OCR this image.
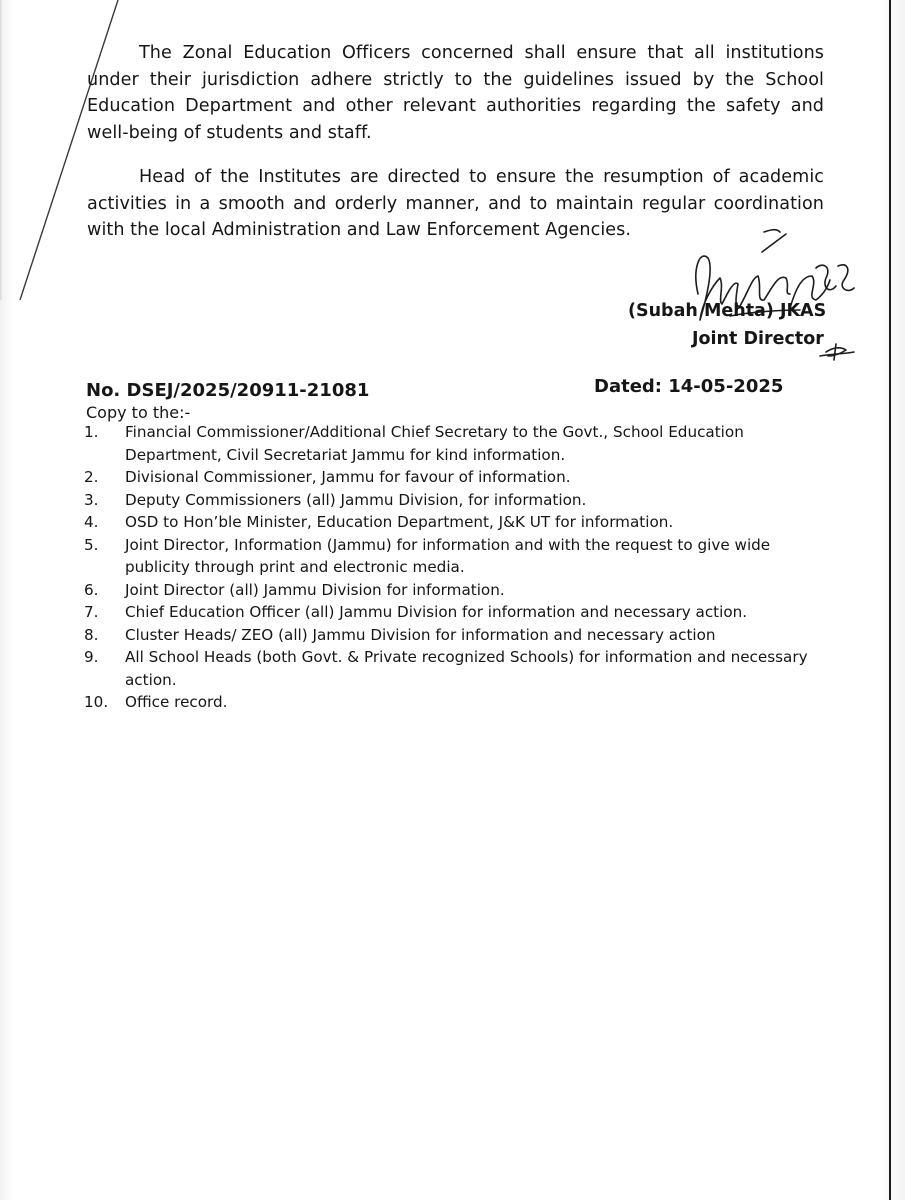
The Zonal Education Officers concerned shall ensure that all institutions under their jurisdiction adhere strictly to the guidelines issued by the School Education Department and other relevant authorities regarding the safety and well-being of students and staff.

Head of the Institutes are directed to ensure the resumption of academic activities in a smooth and orderly manner, and to maintain regular coordination with the local Administration and Law Enforcement Agencies.

(Subah Mehta) JKAS
Joint Director
No. DSEJ/2025/20911-21081	Dated: 14-05-2025
Copy to the:-
1.	Financial Commissioner/Additional Chief Secretary to the Govt., School Education Department, Civil Secretariat Jammu for kind information.
2.	Divisional Commissioner, Jammu for favour of information.
3.	Deputy Commissioners (all) Jammu Division, for information.
4.	OSD to Hon’ble Minister, Education Department, J&K UT for information.
5.	Joint Director, Information (Jammu) for information and with the request to give wide publicity through print and electronic media.
6.	Joint Director (all) Jammu Division for information.
7.	Chief Education Officer (all) Jammu Division for information and necessary action.
8.	Cluster Heads/ ZEO (all) Jammu Division for information and necessary action
9.	All School Heads (both Govt. & Private recognized Schools) for information and necessary action.
10.	Office record.
